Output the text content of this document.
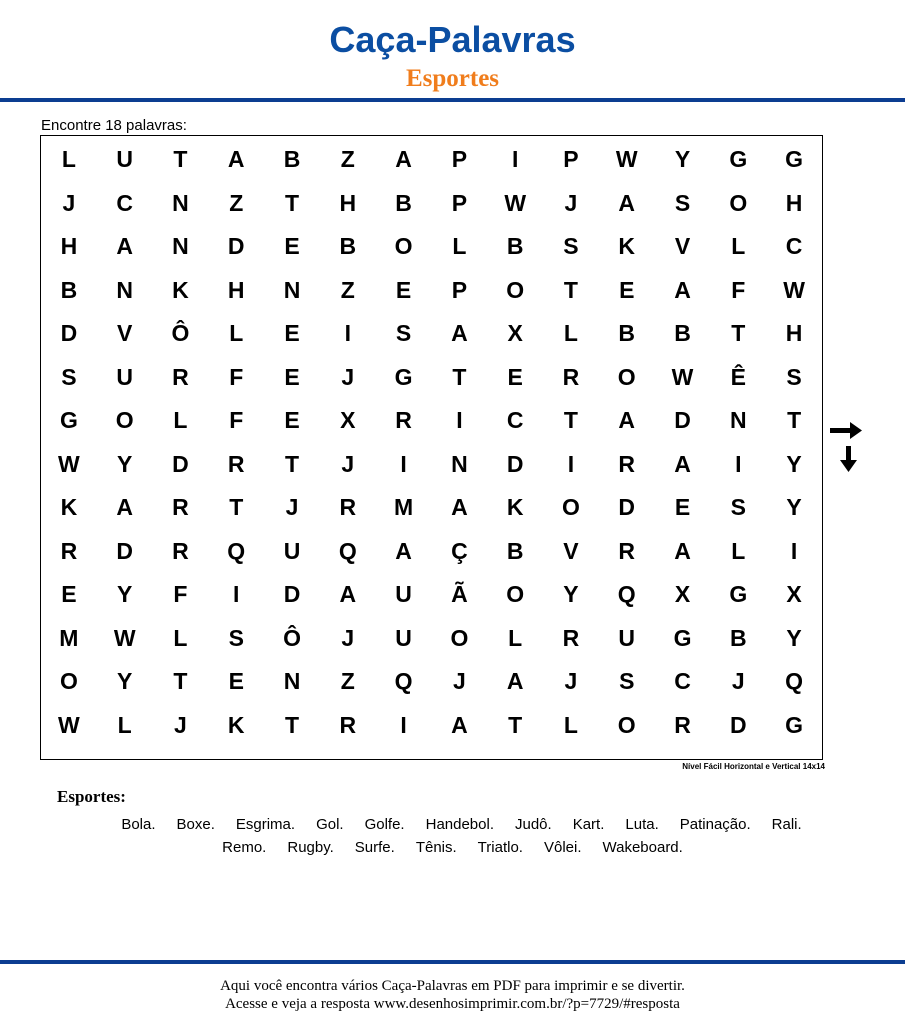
Caça-Palavras
Esportes
Encontre 18 palavras:
L	U	T	A	B	Z	A	P	I	P	W	Y	G	G
J	C	N	Z	T	H	B	P	W	J	A	S	O	H
H	A	N	D	E	B	O	L	B	S	K	V	L	C
B	N	K	H	N	Z	E	P	O	T	E	A	F	W
D	V	Ô	L	E	I	S	A	X	L	B	B	T	H
S	U	R	F	E	J	G	T	E	R	O	W	Ê	S
G	O	L	F	E	X	R	I	C	T	A	D	N	T
W	Y	D	R	T	J	I	N	D	I	R	A	I	Y
K	A	R	T	J	R	M	A	K	O	D	E	S	Y
R	D	R	Q	U	Q	A	Ç	B	V	R	A	L	I
E	Y	F	I	D	A	U	Ã	O	Y	Q	X	G	X
M	W	L	S	Ô	J	U	O	L	R	U	G	B	Y
O	Y	T	E	N	Z	Q	J	A	J	S	C	J	Q
W	L	J	K	T	R	I	A	T	L	O	R	D	G
Nível Fácil Horizontal e Vertical 14x14
Esportes:
Bola. Boxe. Esgrima. Gol. Golfe. Handebol. Judô. Kart. Luta. Patinação. Rali.
Remo. Rugby. Surfe. Tênis. Triatlo. Vôlei. Wakeboard.
Aqui você encontra vários Caça-Palavras em PDF para imprimir e se divertir.
Acesse e veja a resposta www.desenhosimprimir.com.br/?p=7729/#resposta
